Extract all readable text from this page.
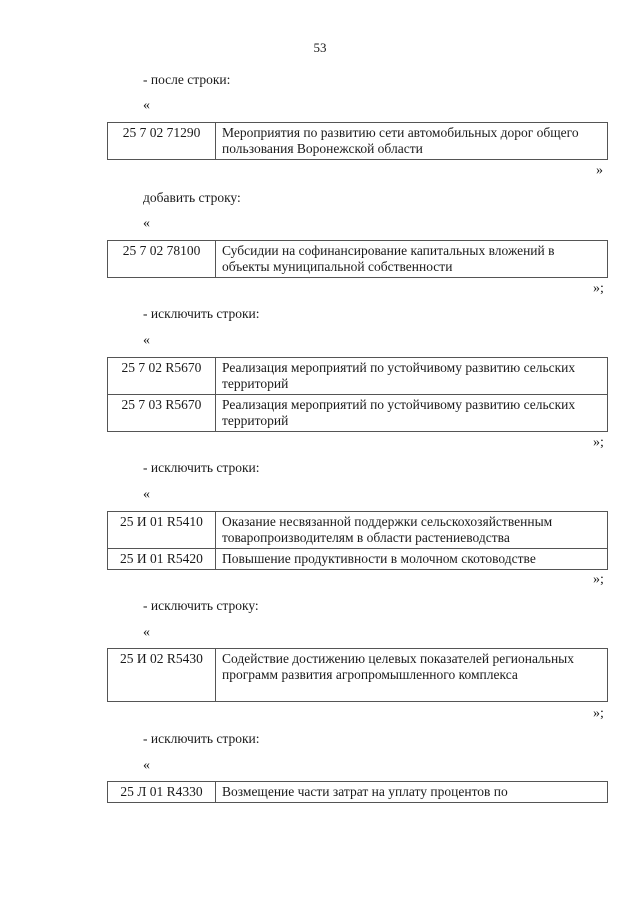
53
- после строки:
«
25 7 02 71290	Мероприятия по развитию сети автомобильных дорог общего пользования Воронежской области
»
добавить строку:
«
25 7 02 78100	Субсидии на софинансирование капитальных вложений в объекты муниципальной собственности
»;
- исключить строки:
«
25 7 02 R5670	Реализация мероприятий по устойчивому развитию сельских территорий
25 7 03 R5670	Реализация мероприятий по устойчивому развитию сельских территорий
»;
- исключить строки:
«
25 И 01 R5410	Оказание несвязанной поддержки сельскохозяйственным товаропроизводителям в области растениеводства
25 И 01 R5420	Повышение продуктивности в молочном скотоводстве
»;
- исключить строку:
«
25 И 02 R5430	Содействие достижению целевых показателей региональных программ развития агропромышленного комплекса
»;
- исключить строки:
«
25 Л 01 R4330	Возмещение части затрат на уплату процентов по
